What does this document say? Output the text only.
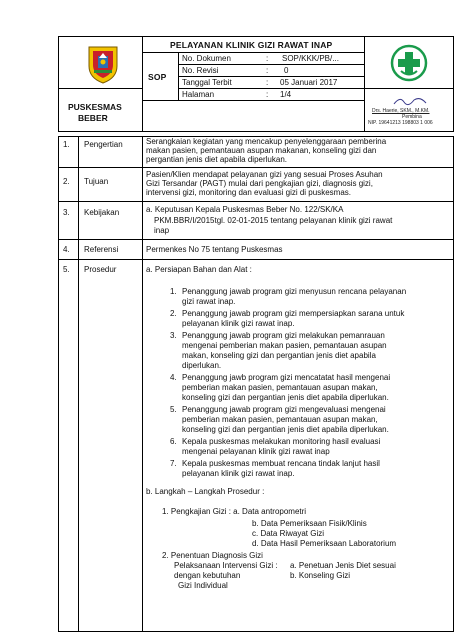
SOP
PELAYANAN KLINIK GIZI RAWAT INAP
No. Dokumen	: SOP/KKK/PB/...
No. Revisi	: 0
Tanggal Terbit	: 05 Januari 2017
Halaman	: 1/4
PUSKESMAS
BEBER
Drs. Haerie, SKM., M.KM.
Pembina
NIP. 19641213 198803 1 006
1. Pengertian	Serangkaian kegiatan yang mencakup penyelenggaraan pemberina
makan pasien, pemantauan asupan makanan, konseling gizi dan
pergantian jenis diet apabila diperlukan.
2. Tujuan
Pasien/Klien mendapat pelayanan gizi yang sesuai Proses Asuhan
Gizi Tersandar (PAGT) mulai dari pengkajian gizi, diagnosis gizi,
intervensi gizi, monitoring dan evaluasi gizi di puskesmas.
3. Kebijakan	a. Keputusan Kepala Puskesmas Beber No. 122/SK/KA
PKM.BBR/I/2015tgl. 02-01-2015 tentang pelayanan klinik gizi rawat
inap
4. Referensi	Permenkes No 75 tentang Puskesmas
5. Prosedur	a. Persiapan Bahan dan Alat :
1. Penanggung jawab program gizi menyusun rencana pelayanan
gizi rawat inap.
2. Penanggung jawab program gizi mempersiapkan sarana untuk
pelayanan klinik gizi rawat inap.
3. Penanggung jawab program gizi melakukan pemanrauan
mengenai pemberian makan pasien, pemantauan asupan
makan, konseling gizi dan pergantian jenis diet apabila
diperlukan.
4. Penanggung jawb program gizi mencatatat hasil mengenai
pemberian makan pasien, pemantauan asupan makan,
konseling gizi dan pergantian jenis diet apabila diperlukan.
5. Penanggung jawab program gizi mengevaluasi mengenai
pemberian makan pasien, pemantauan asupan makan,
konseling gizi dan pergantian jenis diet apabila diperlukan.
6. Kepala puskesmas melakukan monitoring hasil evaluasi
mengenai pelayanan klinik gizi rawat inap
7. Kepala puskesmas membuat rencana tindak lanjut hasil
pelayanan klinik gizi rawat inap.
b. Langkah – Langkah Prosedur :
1. Pengkajian Gizi : a. Data antropometri
b. Data Pemeriksaan Fisik/Klinis
c. Data Riwayat Gizi
d. Data Hasil Pemeriksaan Laboratorium
2. Penentuan Diagnosis Gizi
Pelaksanaan Intervensi Gizi : a. Penetuan Jenis Diet sesuai
dengan kebutuhan	b. Konseling Gizi
Gizi Individual
